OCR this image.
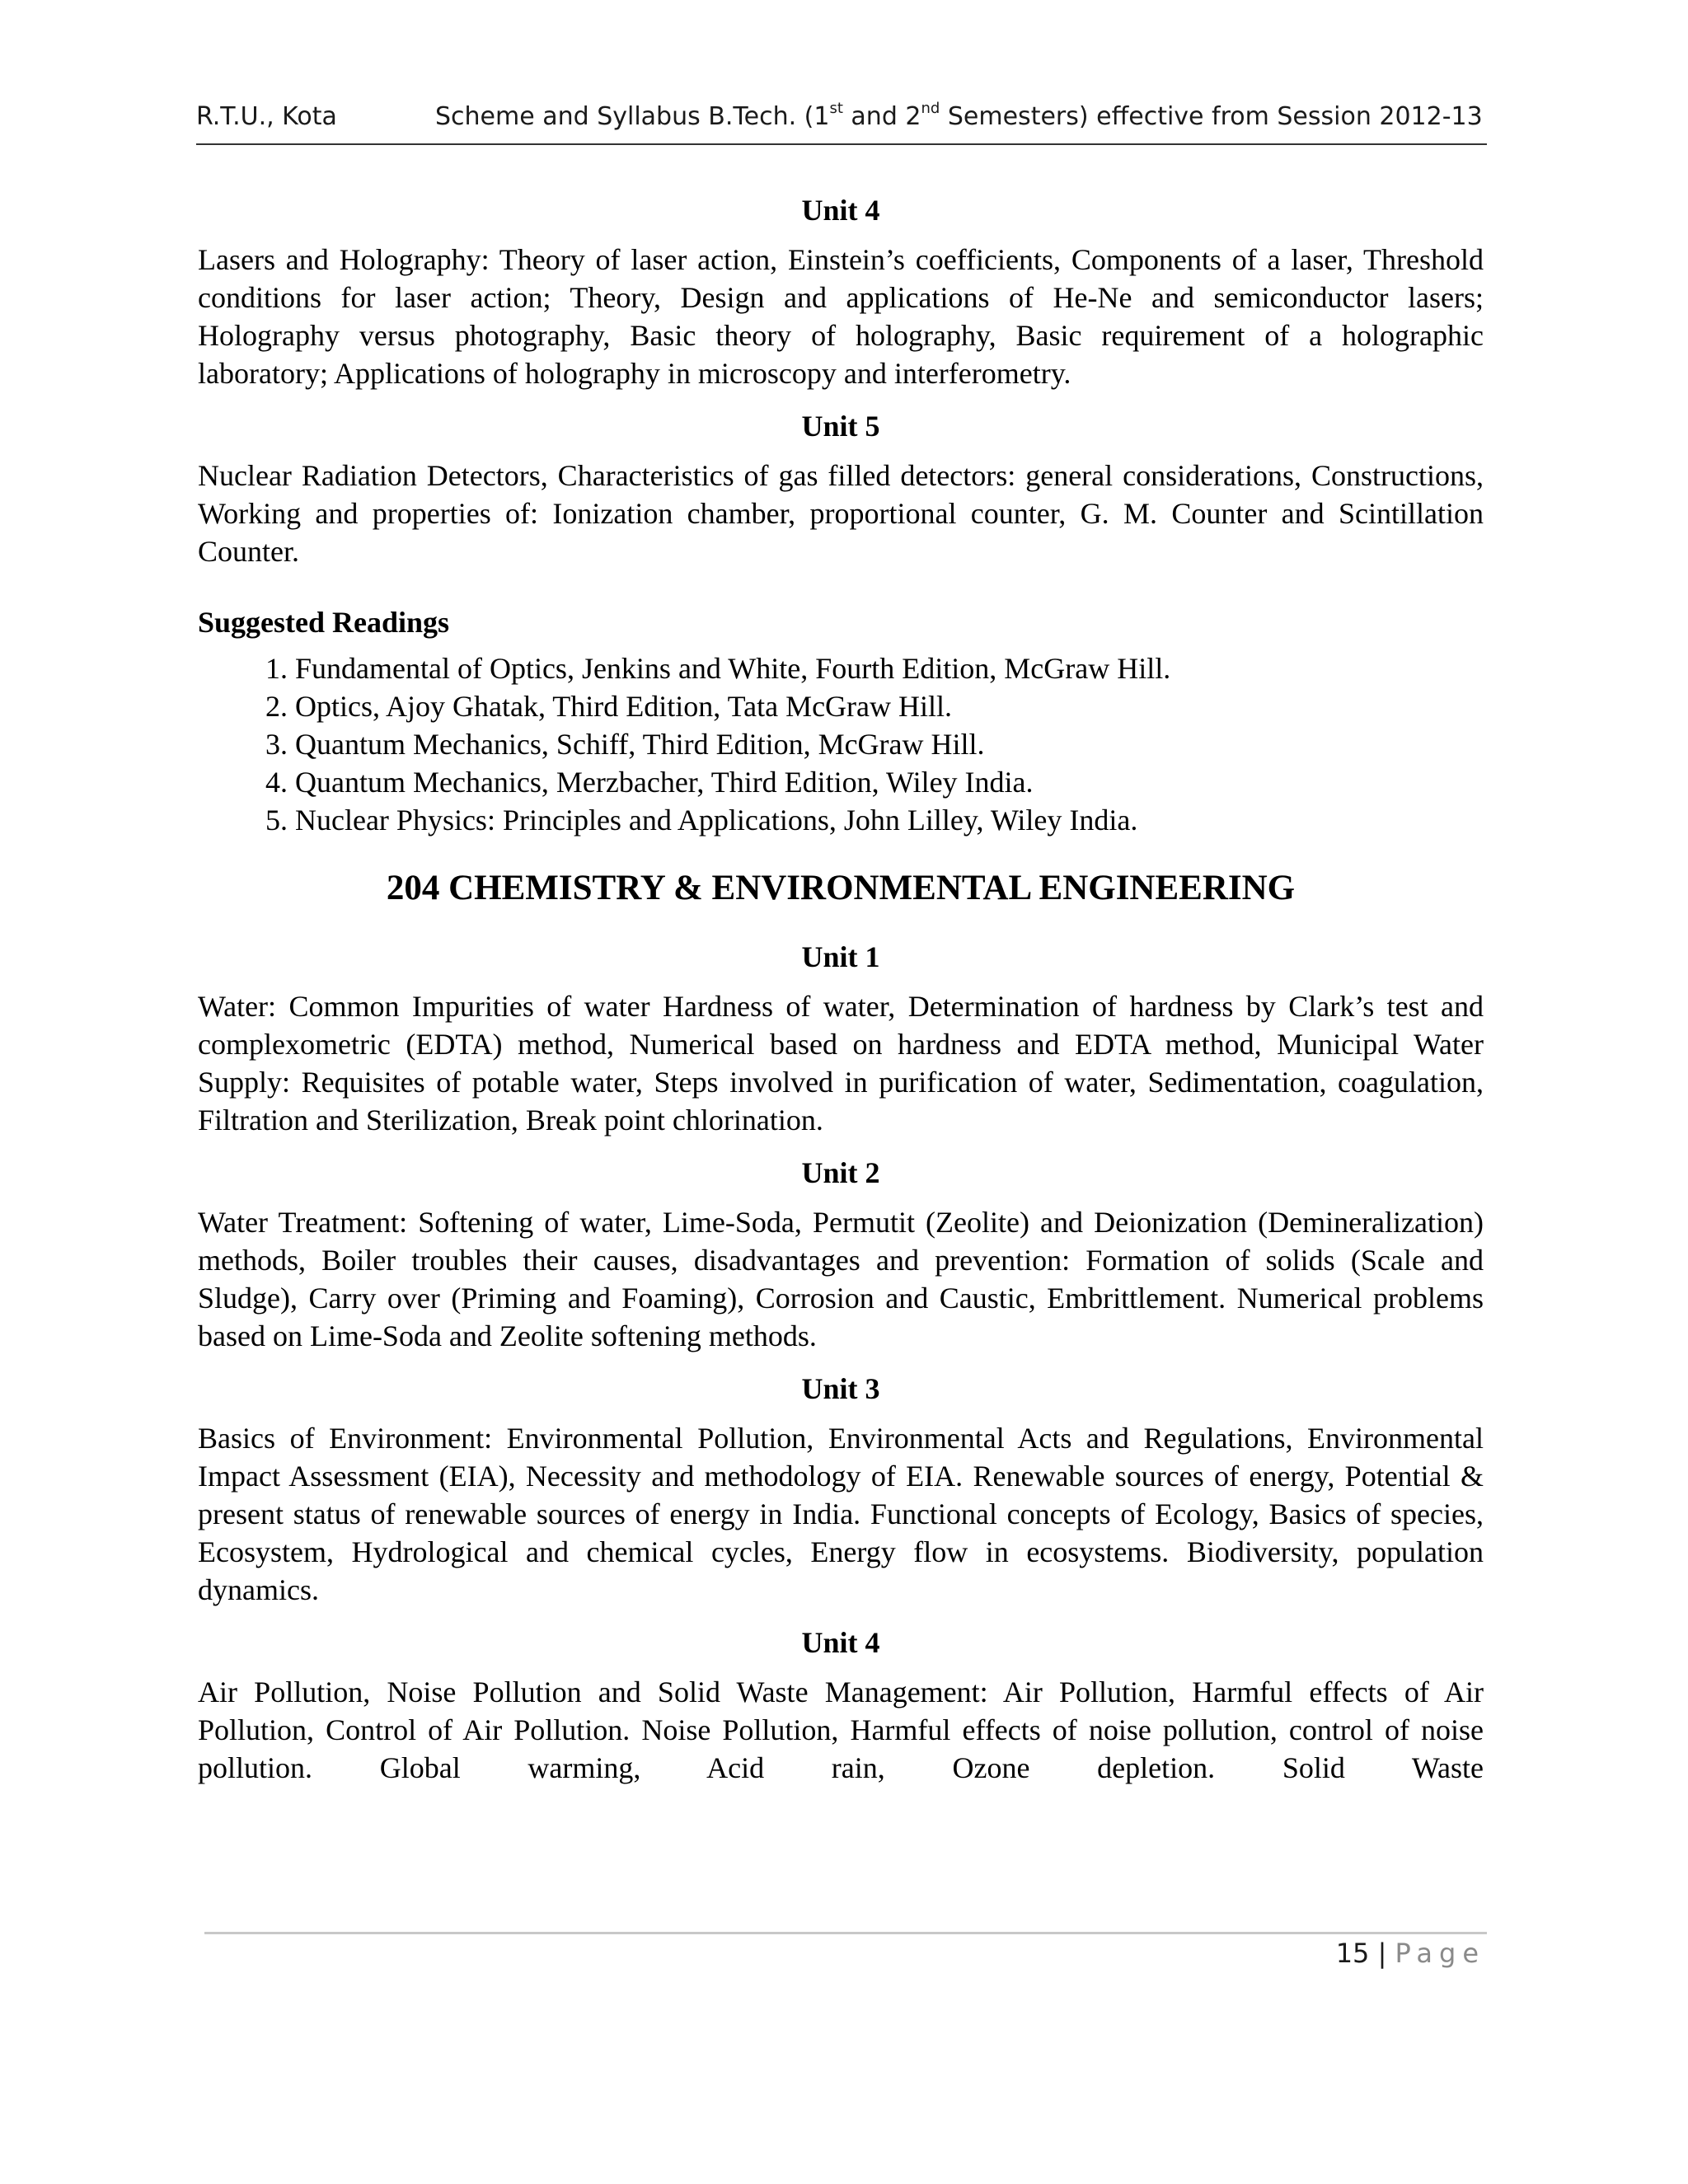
R.T.U., Kota	Scheme and Syllabus B.Tech. (1st and 2nd Semesters) effective from Session 2012-13
Unit 4

Lasers and Holography: Theory of laser action, Einstein’s coefficients, Components of a laser, Threshold conditions for laser action; Theory, Design and applications of He-Ne and semiconductor lasers; Holography versus photography, Basic theory of holography, Basic requirement of a holographic laboratory; Applications of holography in microscopy and interferometry.

Unit 5

Nuclear Radiation Detectors, Characteristics of gas filled detectors: general considerations, Constructions, Working and properties of: Ionization chamber, proportional counter, G. M. Counter and Scintillation Counter.

Suggested Readings
1. Fundamental of Optics, Jenkins and White, Fourth Edition, McGraw Hill.
2. Optics, Ajoy Ghatak, Third Edition, Tata McGraw Hill.
3. Quantum Mechanics, Schiff, Third Edition, McGraw Hill.
4. Quantum Mechanics, Merzbacher, Third Edition, Wiley India.
5. Nuclear Physics: Principles and Applications, John Lilley, Wiley India.
204 CHEMISTRY & ENVIRONMENTAL ENGINEERING
Unit 1

Water: Common Impurities of water Hardness of water, Determination of hardness by Clark’s test and complexometric (EDTA) method, Numerical based on hardness and EDTA method, Municipal Water Supply: Requisites of potable water, Steps involved in purification of water, Sedimentation, coagulation, Filtration and Sterilization, Break point chlorination.

Unit 2

Water Treatment: Softening of water, Lime-Soda, Permutit (Zeolite) and Deionization (Demineralization) methods, Boiler troubles their causes, disadvantages and prevention: Formation of solids (Scale and Sludge), Carry over (Priming and Foaming), Corrosion and Caustic, Embrittlement. Numerical problems based on Lime-Soda and Zeolite softening methods.

Unit 3

Basics of Environment: Environmental Pollution, Environmental Acts and Regulations, Environmental Impact Assessment (EIA), Necessity and methodology of EIA. Renewable sources of energy, Potential & present status of renewable sources of energy in India. Functional concepts of Ecology, Basics of species, Ecosystem, Hydrological and chemical cycles, Energy flow in ecosystems. Biodiversity, population dynamics.

Unit 4

Air Pollution, Noise Pollution and Solid Waste Management: Air Pollution, Harmful effects of Air Pollution, Control of Air Pollution. Noise Pollution, Harmful effects of noise pollution, control of noise pollution. Global warming, Acid rain, Ozone depletion. Solid Waste

15 | Page
